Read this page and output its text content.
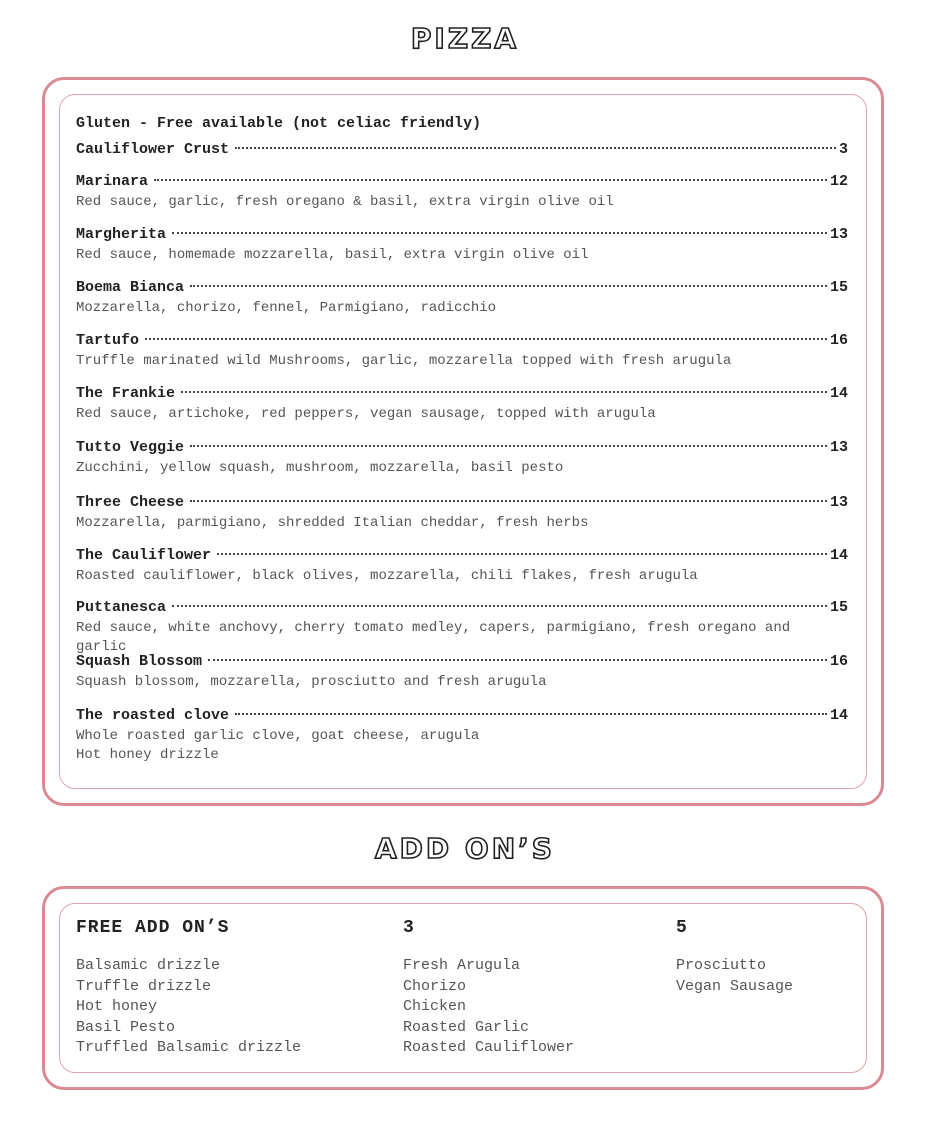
PIZZA
Gluten - Free available (not celiac friendly)
Cauliflower Crust	3
Marinara	12
Red sauce, garlic, fresh oregano & basil, extra virgin olive oil
Margherita	13
Red sauce, homemade mozzarella, basil, extra virgin olive oil
Boema Bianca	15
Mozzarella, chorizo, fennel, Parmigiano, radicchio
Tartufo	16
Truffle marinated wild Mushrooms, garlic, mozzarella topped with fresh arugula
The Frankie	14
Red sauce, artichoke, red peppers, vegan sausage, topped with arugula
Tutto Veggie	13
Zucchini, yellow squash, mushroom, mozzarella, basil pesto
Three Cheese	13
Mozzarella, parmigiano, shredded Italian cheddar, fresh herbs
The Cauliflower	14
Roasted cauliflower, black olives, mozzarella, chili flakes, fresh arugula
Puttanesca	15
Red sauce, white anchovy, cherry tomato medley, capers, parmigiano, fresh oregano and garlic
Squash Blossom	16
Squash blossom, mozzarella, prosciutto and fresh arugula
The roasted clove	14
Whole roasted garlic clove, goat cheese, arugula
Hot honey drizzle
ADD ON’S
FREE ADD ON’S
Balsamic drizzle
Truffle drizzle
Hot honey
Basil Pesto
Truffled Balsamic drizzle
3
Fresh Arugula
Chorizo
Chicken
Roasted Garlic
Roasted Cauliflower
5
Prosciutto
Vegan Sausage
